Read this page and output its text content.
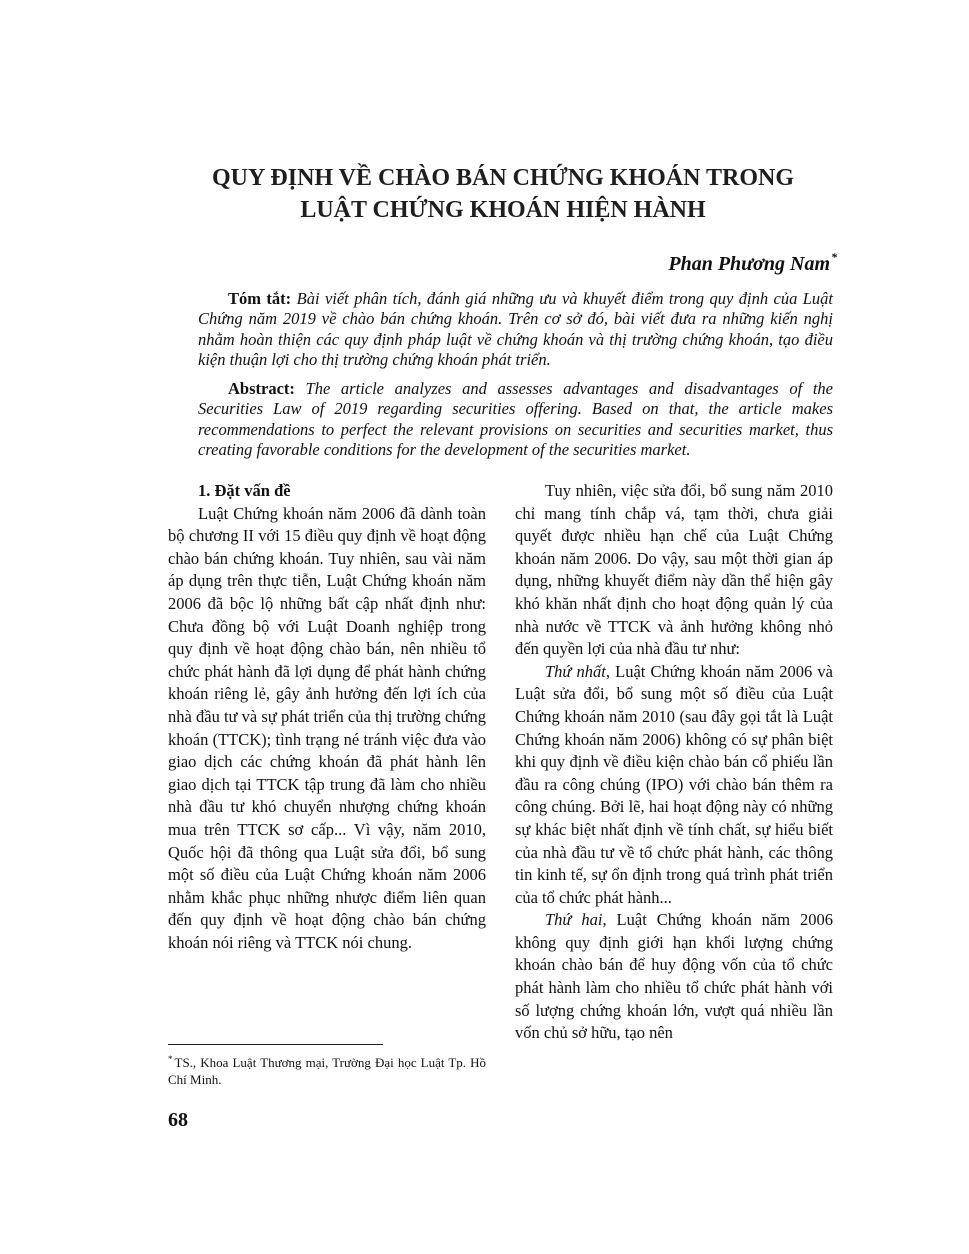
QUY ĐỊNH VỀ CHÀO BÁN CHỨNG KHOÁN TRONG
LUẬT CHỨNG KHOÁN HIỆN HÀNH
Phan Phương Nam*

Tóm tắt: Bài viết phân tích, đánh giá những ưu và khuyết điểm trong quy định của Luật Chứng năm 2019 về chào bán chứng khoán. Trên cơ sở đó, bài viết đưa ra những kiến nghị nhằm hoàn thiện các quy định pháp luật về chứng khoán và thị trường chứng khoán, tạo điều kiện thuận lợi cho thị trường chứng khoán phát triển.

Abstract: The article analyzes and assesses advantages and disadvantages of the Securities Law of 2019 regarding securities offering. Based on that, the article makes recommendations to perfect the relevant provisions on securities and securities market, thus creating favorable conditions for the development of the securities market.

1. Đặt vấn đề

Luật Chứng khoán năm 2006 đã dành toàn bộ chương II với 15 điều quy định về hoạt động chào bán chứng khoán. Tuy nhiên, sau vài năm áp dụng trên thực tiễn, Luật Chứng khoán năm 2006 đã bộc lộ những bất cập nhất định như: Chưa đồng bộ với Luật Doanh nghiệp trong quy định về hoạt động chào bán, nên nhiều tổ chức phát hành đã lợi dụng để phát hành chứng khoán riêng lẻ, gây ảnh hưởng đến lợi ích của nhà đầu tư và sự phát triển của thị trường chứng khoán (TTCK); tình trạng né tránh việc đưa vào giao dịch các chứng khoán đã phát hành lên giao dịch tại TTCK tập trung đã làm cho nhiều nhà đầu tư khó chuyển nhượng chứng khoán mua trên TTCK sơ cấp... Vì vậy, năm 2010, Quốc hội đã thông qua Luật sửa đổi, bổ sung một số điều của Luật Chứng khoán năm 2006 nhằm khắc phục những nhược điểm liên quan đến quy định về hoạt động chào bán chứng khoán nói riêng và TTCK nói chung.

Tuy nhiên, việc sửa đổi, bổ sung năm 2010 chỉ mang tính chắp vá, tạm thời, chưa giải quyết được nhiều hạn chế của Luật Chứng khoán năm 2006. Do vậy, sau một thời gian áp dụng, những khuyết điểm này dần thể hiện gây khó khăn nhất định cho hoạt động quản lý của nhà nước về TTCK và ảnh hưởng không nhỏ đến quyền lợi của nhà đầu tư như:

Thứ nhất, Luật Chứng khoán năm 2006 và Luật sửa đổi, bổ sung một số điều của Luật Chứng khoán năm 2010 (sau đây gọi tắt là Luật Chứng khoán năm 2006) không có sự phân biệt khi quy định về điều kiện chào bán cổ phiếu lần đầu ra công chúng (IPO) với chào bán thêm ra công chúng. Bởi lẽ, hai hoạt động này có những sự khác biệt nhất định về tính chất, sự hiểu biết của nhà đầu tư về tổ chức phát hành, các thông tin kinh tế, sự ổn định trong quá trình phát triển của tổ chức phát hành...

Thứ hai, Luật Chứng khoán năm 2006 không quy định giới hạn khối lượng chứng khoán chào bán để huy động vốn của tổ chức phát hành làm cho nhiều tổ chức phát hành với số lượng chứng khoán lớn, vượt quá nhiều lần vốn chủ sở hữu, tạo nên

* TS., Khoa Luật Thương mại, Trường Đại học Luật Tp. Hồ Chí Minh.

68
